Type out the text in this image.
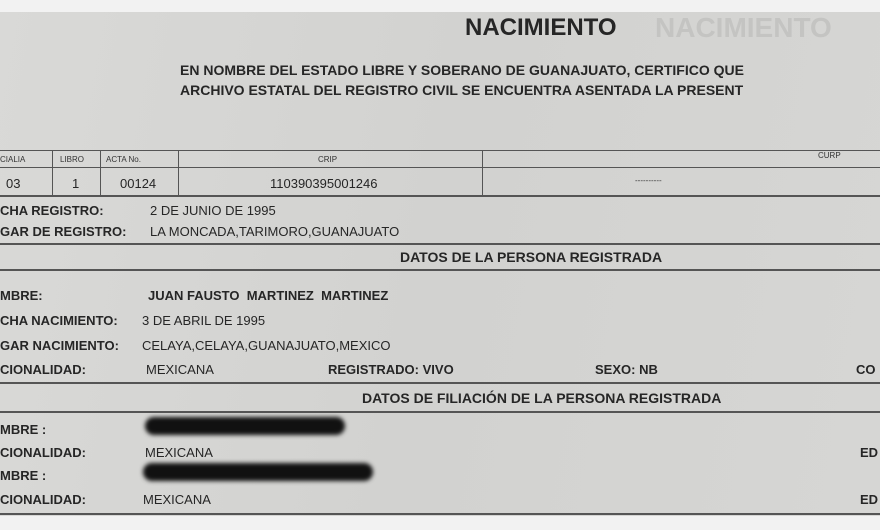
NACIMIENTO
NACIMIENTO
EN NOMBRE DEL ESTADO LIBRE Y SOBERANO DE GUANAJUATO, CERTIFICO QUE
ARCHIVO ESTATAL DEL REGISTRO CIVIL SE ENCUENTRA ASENTADA LA PRESENT
CIALIA	LIBRO	ACTA No.	CRIP	CURP
03	1	00124	110390395001246	----------
CHA REGISTRO:	2 DE JUNIO DE 1995
GAR DE REGISTRO: LA MONCADA,TARIMORO,GUANAJUATO
DATOS DE LA PERSONA REGISTRADA
MBRE:	JUAN FAUSTO  MARTINEZ  MARTINEZ
CHA NACIMIENTO: 3 DE ABRIL DE 1995
GAR NACIMIENTO: CELAYA,CELAYA,GUANAJUATO,MEXICO
CIONALIDAD:	MEXICANA	REGISTRADO: VIVO	SEXO: NB	CO
DATOS DE FILIACIÓN DE LA PERSONA REGISTRADA
MBRE :
CIONALIDAD:	MEXICANA	ED
MBRE :
CIONALIDAD:	MEXICANA	ED
